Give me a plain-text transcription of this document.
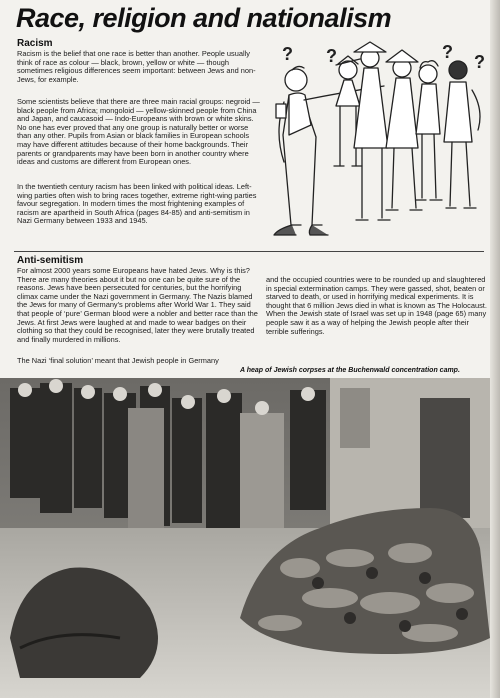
Race, religion and nationalism
Racism
Racism is the belief that one race is better than another. People usually think of race as colour — black, brown, yellow or white — though sometimes religious differences seem important: between Jews and non-Jews, for example.
Some scientists believe that there are three main racial groups: negroid — black people from Africa; mongoloid — yellow-skinned people from China and Japan, and caucasoid — Indo-Europeans with brown or white skins. No one has ever proved that any one group is naturally better or worse than any other. Pupils from Asian or black families in European schools may have different attitudes because of their home backgrounds. Their parents or grandparents may have been born in another country where ideas and customs are different from European ones.
In the twentieth century racism has been linked with political ideas. Left-wing parties often wish to bring races together, extreme right-wing parties favour segregation. In modern times the most frightening examples of racism are apartheid in South Africa (pages 84-85) and anti-semitism in Nazi Germany between 1933 and 1945.
? ?	? ?
Anti-semitism
For almost 2000 years some Europeans have hated Jews. Why is this? There are many theories about it but no one can be quite sure of the reasons. Jews have been persecuted for centuries, but the horrifying climax came under the Nazi government in Germany. The Nazis blamed the Jews for many of Germany's problems after World War 1. They said that people of ‘pure’ German blood were a nobler and better race than the Jews. At first Jews were laughed at and made to wear badges on their clothing so that they could be recognised, later they were brutally treated and finally murdered in millions.
The Nazi ‘final solution’ meant that Jewish people in Germany
and the occupied countries were to be rounded up and slaughtered in special extermination camps. They were gassed, shot, beaten or starved to death, or used in horrifying medical experiments. It is thought that 6 million Jews died in what is known as The Holocaust. When the Jewish state of Israel was set up in 1948 (page 65) many people saw it as a way of helping the Jewish people after their terrible sufferings.
A heap of Jewish corpses at the Buchenwald concentration camp.
